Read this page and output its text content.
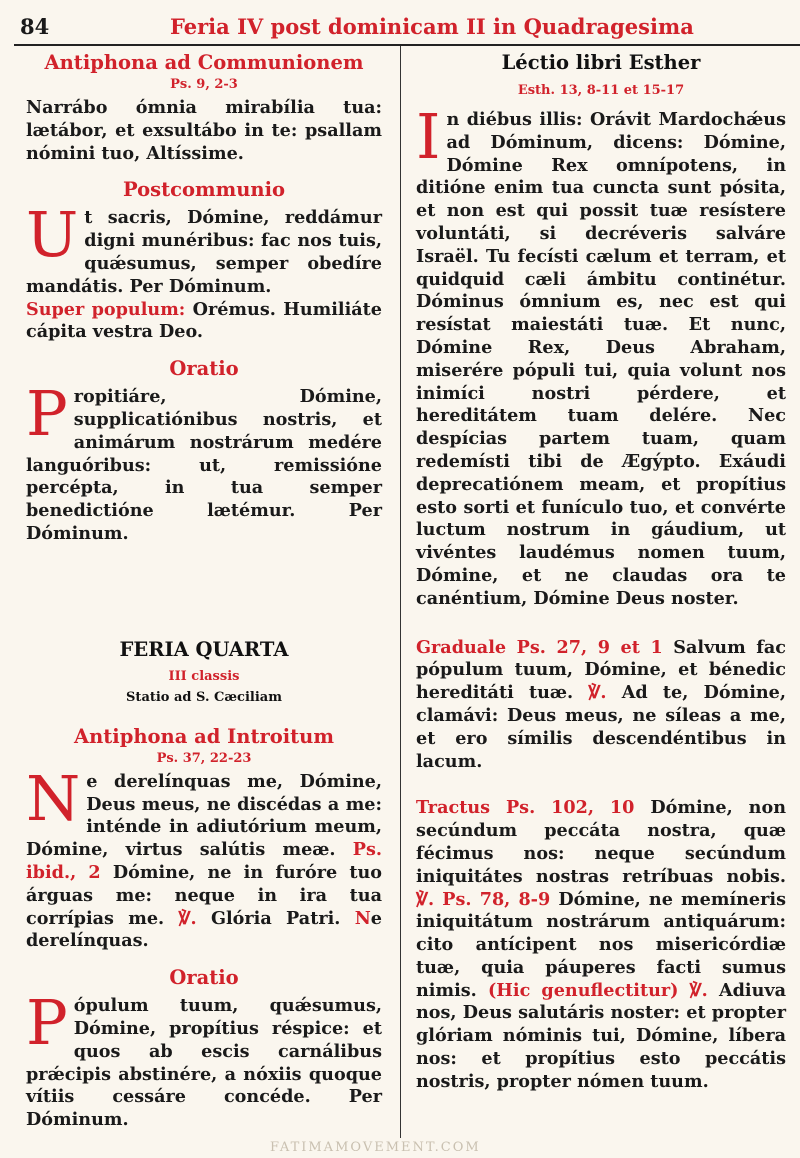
84	Feria IV post dominicam II in Quadragesima
Antiphona ad Communionem
Ps. 9, 2-3

Narrábo ómnia mirabília tua: lætábor, et exsultábo in te: psallam nómini tuo, Altíssime.

Postcommunio

Ut sacris, Dómine, reddámur digni munéribus: fac nos tuis, quǽsumus, semper obedíre mandátis. Per Dóminum.

Super populum: Orémus. Humiliáte cápita vestra Deo.

Oratio

Propitiáre, Dómine, supplicatiónibus nostris, et animárum nostrárum medére languóribus: ut, remissióne percépta, in tua semper benedictióne lætémur. Per Dóminum.

FERIA QUARTA
III classis
Statio ad S. Cæciliam
Antiphona ad Introitum
Ps. 37, 22-23

Ne derelínquas me, Dómine, Deus meus, ne discédas a me: inténde in adiutórium meum, Dómine, virtus salútis meæ. Ps. ibid., 2 Dómine, ne in furóre tuo árguas me: neque in ira tua corrípias me. ℣. Glória Patri. Ne derelínquas.

Oratio

Pópulum tuum, quǽsumus, Dómine, propítius réspice: et quos ab escis carnálibus prǽcipis abstinére, a nóxiis quoque vítiis cessáre concéde. Per Dóminum.

Léctio libri Esther
Esth. 13, 8-11 et 15-17

In diébus illis: Orávit Mardochǽus ad Dóminum, dicens: Dómine, Dómine Rex omnípotens, in ditióne enim tua cuncta sunt pósita, et non est qui possit tuæ resístere voluntáti, si decréveris salváre Israël. Tu fecísti cælum et terram, et quidquid cæli ámbitu continétur. Dóminus ómnium es, nec est qui resístat maiestáti tuæ. Et nunc, Dómine Rex, Deus Abraham, miserére pópuli tui, quia volunt nos inimíci nostri pérdere, et hereditátem tuam delére. Nec despícias partem tuam, quam redemísti tibi de Ægýpto. Exáudi deprecatiónem meam, et propítius esto sorti et funículo tuo, et convérte luctum nostrum in gáudium, ut vivéntes laudémus nomen tuum, Dómine, et ne claudas ora te canéntium, Dómine Deus noster.

Graduale Ps. 27, 9 et 1 Salvum fac pópulum tuum, Dómine, et bénedic hereditáti tuæ. ℣. Ad te, Dómine, clamávi: Deus meus, ne síleas a me, et ero símilis descendéntibus in lacum.

Tractus Ps. 102, 10 Dómine, non secúndum peccáta nostra, quæ fécimus nos: neque secúndum iniquitátes nostras retríbuas nobis. ℣. Ps. 78, 8-9 Dómine, ne memíneris iniquitátum nostrárum antiquárum: cito antícipent nos misericórdiæ tuæ, quia páuperes facti sumus nimis. (Hic genuflectitur) ℣. Adiuva nos, Deus salutáris noster: et propter glóriam nóminis tui, Dómine, líbera nos: et propítius esto peccátis nostris, propter nómen tuum.

FATIMAMOVEMENT.COM
